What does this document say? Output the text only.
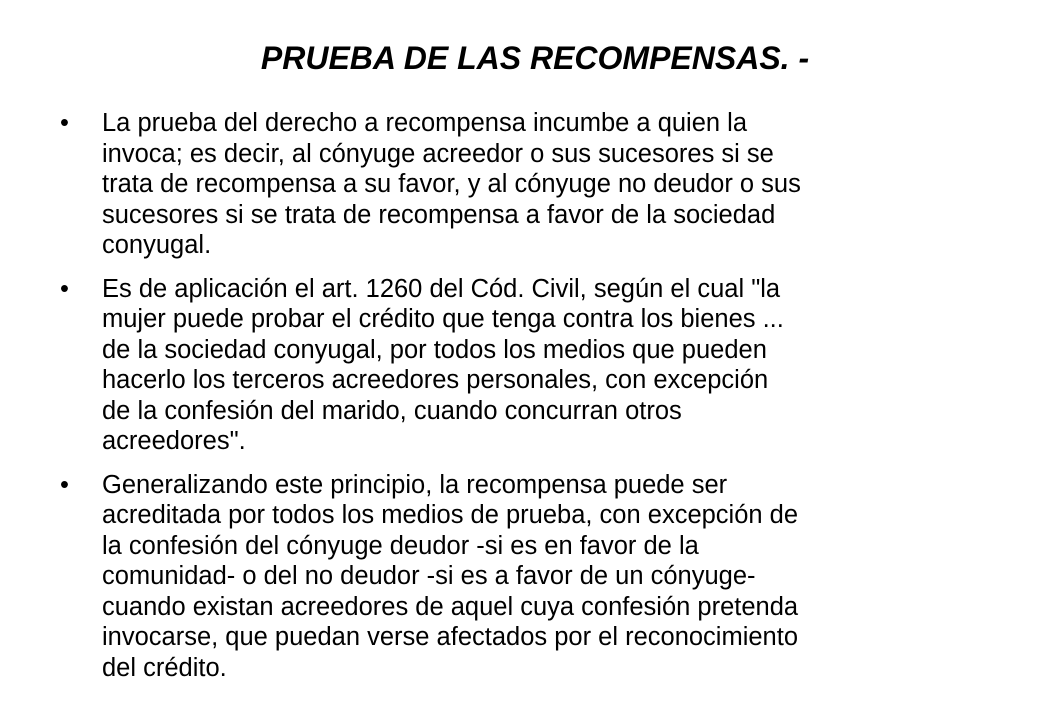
PRUEBA DE LAS RECOMPENSAS. -
•	La prueba del derecho a recompensa incumbe a quien la
invoca; es decir, al cónyuge acreedor o sus sucesores si se
trata de recompensa a su favor, y al cónyuge no deudor o sus
sucesores si se trata de recompensa a favor de la sociedad
conyugal.
•	Es de aplicación el art. 1260 del Cód. Civil, según el cual "la
mujer puede probar el crédito que tenga contra los bienes ...
de la sociedad conyugal, por todos los medios que pueden
hacerlo los terceros acreedores personales, con excepción
de la confesión del marido, cuando concurran otros
acreedores".
•	Generalizando este principio, la recompensa puede ser
acreditada por todos los medios de prueba, con excepción de
la confesión del cónyuge deudor -si es en favor de la
comunidad- o del no deudor -si es a favor de un cónyuge-
cuando existan acreedores de aquel cuya confesión pretenda
invocarse, que puedan verse afectados por el reconocimiento
del crédito.
